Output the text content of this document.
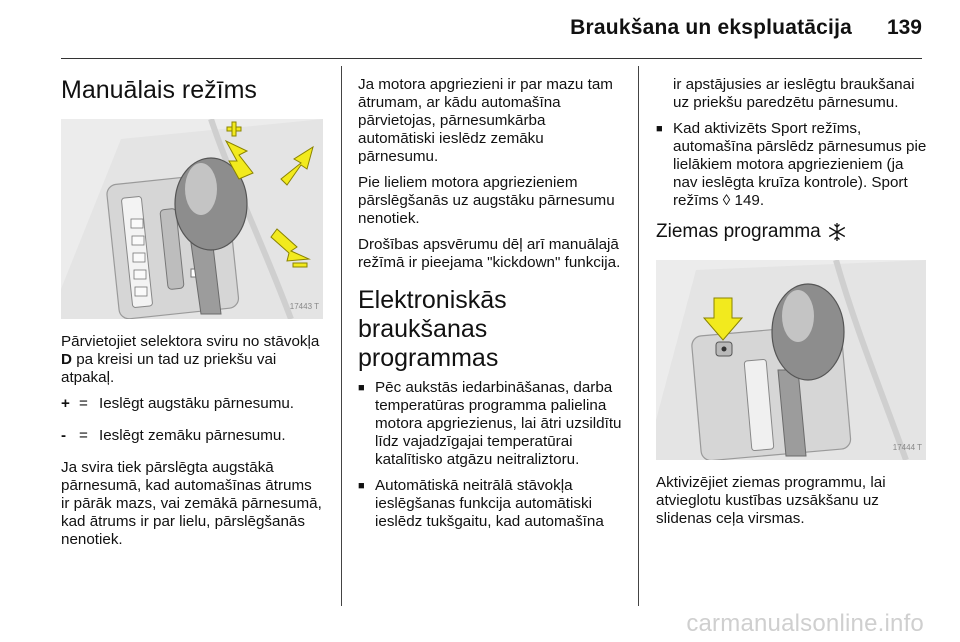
Braukšana un ekspluatācija 139
Manuālais režīms
17443 T

Pārvietojiet selektora sviru no stāvokļa D pa kreisi un tad uz priekšu vai atpakaļ.

+ = Ieslēgt augstāku pārnesumu.
- = Ieslēgt zemāku pārnesumu.

Ja svira tiek pārslēgta augstākā pārnesumā, kad automašīnas ātrums ir pārāk mazs, vai zemākā pārnesumā, kad ātrums ir par lielu, pārslēgšanās nenotiek.

Ja motora apgriezieni ir par mazu tam ātrumam, ar kādu automašīna pārvietojas, pārnesumkārba automātiski ieslēdz zemāku pārnesumu.

Pie lieliem motora apgriezieniem pārslēgšanās uz augstāku pārnesumu nenotiek.

Drošības apsvērumu dēļ arī manuālajā režīmā ir pieejama "kickdown" funkcija.

Elektroniskās braukšanas programmas
■ Pēc aukstās iedarbināšanas, darba temperatūras programma palielina motora apgriezienus, lai ātri uzsildītu līdz vajadzīgajai temperatūrai katalītisko atgāzu neitraliztoru.
■ Automātiskā neitrālā stāvokļa ieslēgšanas funkcija automātiski ieslēdz tukšgaitu, kad automašīna

ir apstājusies ar ieslēgtu braukšanai uz priekšu paredzētu pārnesumu.

■ Kad aktivizēts Sport režīms, automašīna pārslēdz pārnesumus pie lielākiem motora apgriezieniem (ja nav ieslēgta kruīza kontrole). Sport režīms ◊ 149.
Ziemas programma
17444 T

Aktivizējiet ziemas programmu, lai atvieglotu kustības uzsākšanu uz slidenas ceļa virsmas.

carmanualsonline.info
